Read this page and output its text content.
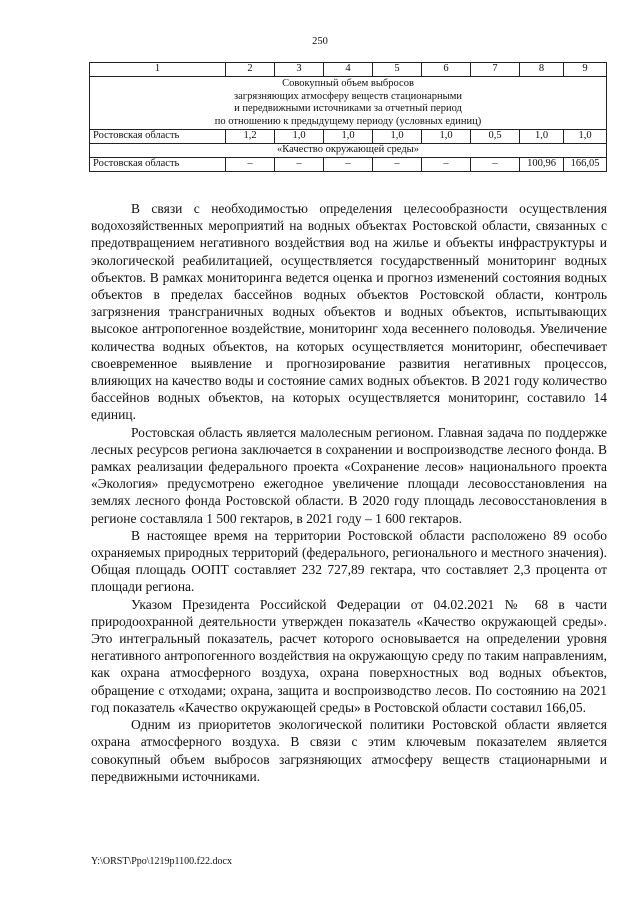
250
1	2	3	4	5	6	7	8	9

Совокупный объем выбросов
загрязняющих атмосферу веществ стационарными
и передвижными источниками за отчетный период
по отношению к предыдущему периоду (условных единиц)								

Ростовская область	1,2	1,0	1,0	1,0	1,0	0,5	1,0	1,0
«Качество окружающей среды»								
Ростовская область	–	–	–	–	–	–	100,96	166,05

В связи с необходимостью определения целесообразности осуществления водохозяйственных мероприятий на водных объектах Ростовской области, связанных с предотвращением негативного воздействия вод на жилье и объекты инфраструктуры и экологической реабилитацией, осуществляется государственный мониторинг водных объектов. В рамках мониторинга ведется оценка и прогноз изменений состояния водных объектов в пределах бассейнов водных объектов Ростовской области, контроль загрязнения трансграничных водных объектов и водных объектов, испытывающих высокое антропогенное воздействие, мониторинг хода весеннего половодья. Увеличение количества водных объектов, на которых осуществляется мониторинг, обеспечивает своевременное выявление и прогнозирование развития негативных процессов, влияющих на качество воды и состояние самих водных объектов. В 2021 году количество бассейнов водных объектов, на которых осуществляется мониторинг, составило 14 единиц.

Ростовская область является малолесным регионом. Главная задача по поддержке лесных ресурсов региона заключается в сохранении и воспроизводстве лесного фонда. В рамках реализации федерального проекта «Сохранение лесов» национального проекта «Экология» предусмотрено ежегодное увеличение площади лесовосстановления на землях лесного фонда Ростовской области. В 2020 году площадь лесовосстановления в регионе составляла 1 500 гектаров, в 2021 году – 1 600 гектаров.

В настоящее время на территории Ростовской области расположено 89 особо охраняемых природных территорий (федерального, регионального и местного значения). Общая площадь ООПТ составляет 232 727,89 гектара, что составляет 2,3 процента от площади региона.

Указом Президента Российской Федерации от 04.02.2021 № 68 в части природоохранной деятельности утвержден показатель «Качество окружающей среды». Это интегральный показатель, расчет которого основывается на определении уровня негативного антропогенного воздействия на окружающую среду по таким направлениям, как охрана атмосферного воздуха, охрана поверхностных вод водных объектов, обращение с отходами; охрана, защита и воспроизводство лесов. По состоянию на 2021 год показатель «Качество окружающей среды» в Ростовской области составил 166,05.

Одним из приоритетов экологической политики Ростовской области является охрана атмосферного воздуха. В связи с этим ключевым показателем является совокупный объем выбросов загрязняющих атмосферу веществ стационарными и передвижными источниками.

Y:\ORST\Ppo\1219p1100.f22.docx
